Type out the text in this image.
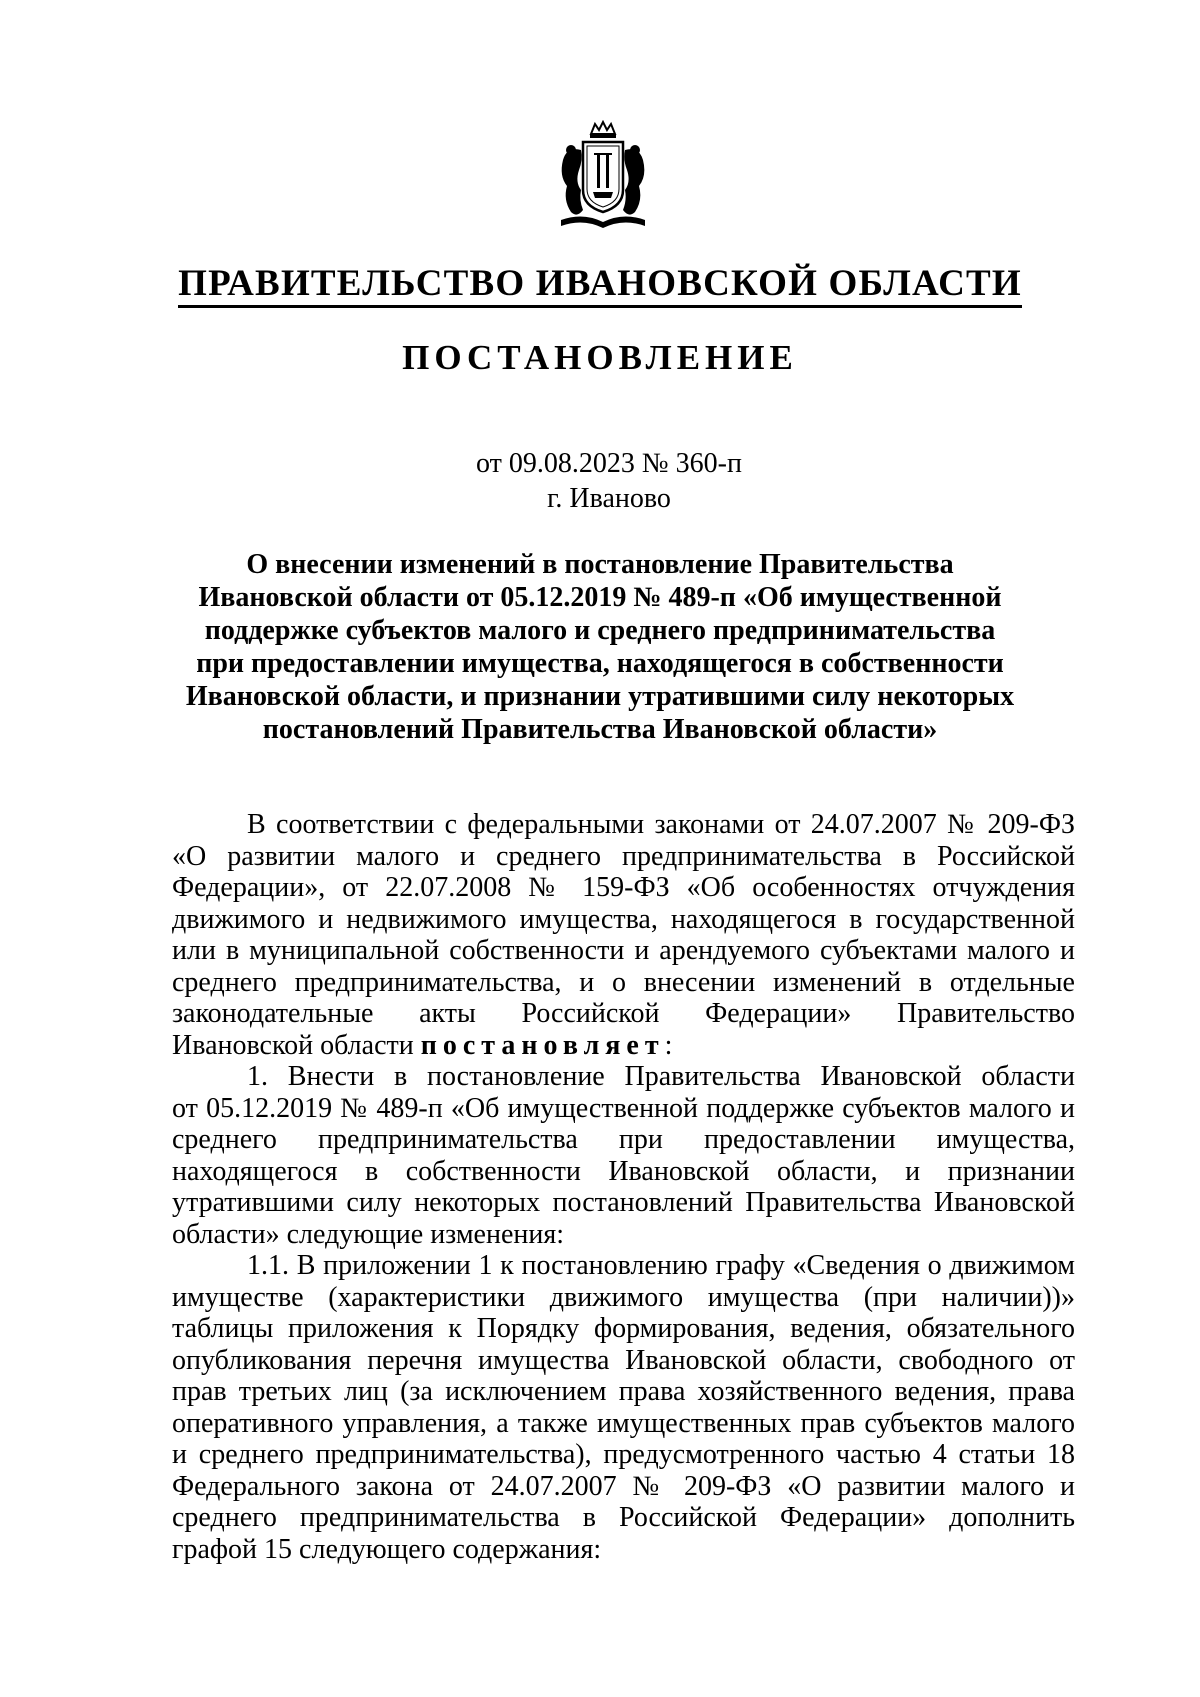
ПРАВИТЕЛЬСТВО ИВАНОВСКОЙ ОБЛАСТИ
ПОСТАНОВЛЕНИЕ
от 09.08.2023 № 360-п
г. Иваново
О внесении изменений в постановление Правительства
Ивановской области от 05.12.2019 № 489-п «Об имущественной
поддержке субъектов малого и среднего предпринимательства
при предоставлении имущества, находящегося в собственности
Ивановской области, и признании утратившими силу некоторых
постановлений Правительства Ивановской области»
В соответствии с федеральными законами от 24.07.2007 № 209-ФЗ
«О развитии малого и среднего предпринимательства в Российской
Федерации», от 22.07.2008 № 159-ФЗ «Об особенностях отчуждения
движимого и недвижимого имущества, находящегося в государственной
или в муниципальной собственности и арендуемого субъектами малого и
среднего предпринимательства, и о внесении изменений в отдельные
законодательные акты Российской Федерации» Правительство
Ивановской области постановляет:
1. Внести в постановление Правительства Ивановской области
от 05.12.2019 № 489-п «Об имущественной поддержке субъектов малого и
среднего предпринимательства при предоставлении имущества,
находящегося в собственности Ивановской области, и признании
утратившими силу некоторых постановлений Правительства Ивановской
области» следующие изменения:
1.1. В приложении 1 к постановлению графу «Сведения о движимом
имуществе (характеристики движимого имущества (при наличии))»
таблицы приложения к Порядку формирования, ведения, обязательного
опубликования перечня имущества Ивановской области, свободного от
прав третьих лиц (за исключением права хозяйственного ведения, права
оперативного управления, а также имущественных прав субъектов малого
и среднего предпринимательства), предусмотренного частью 4 статьи 18
Федерального закона от 24.07.2007 № 209-ФЗ «О развитии малого и
среднего предпринимательства в Российской Федерации» дополнить
графой 15 следующего содержания:
